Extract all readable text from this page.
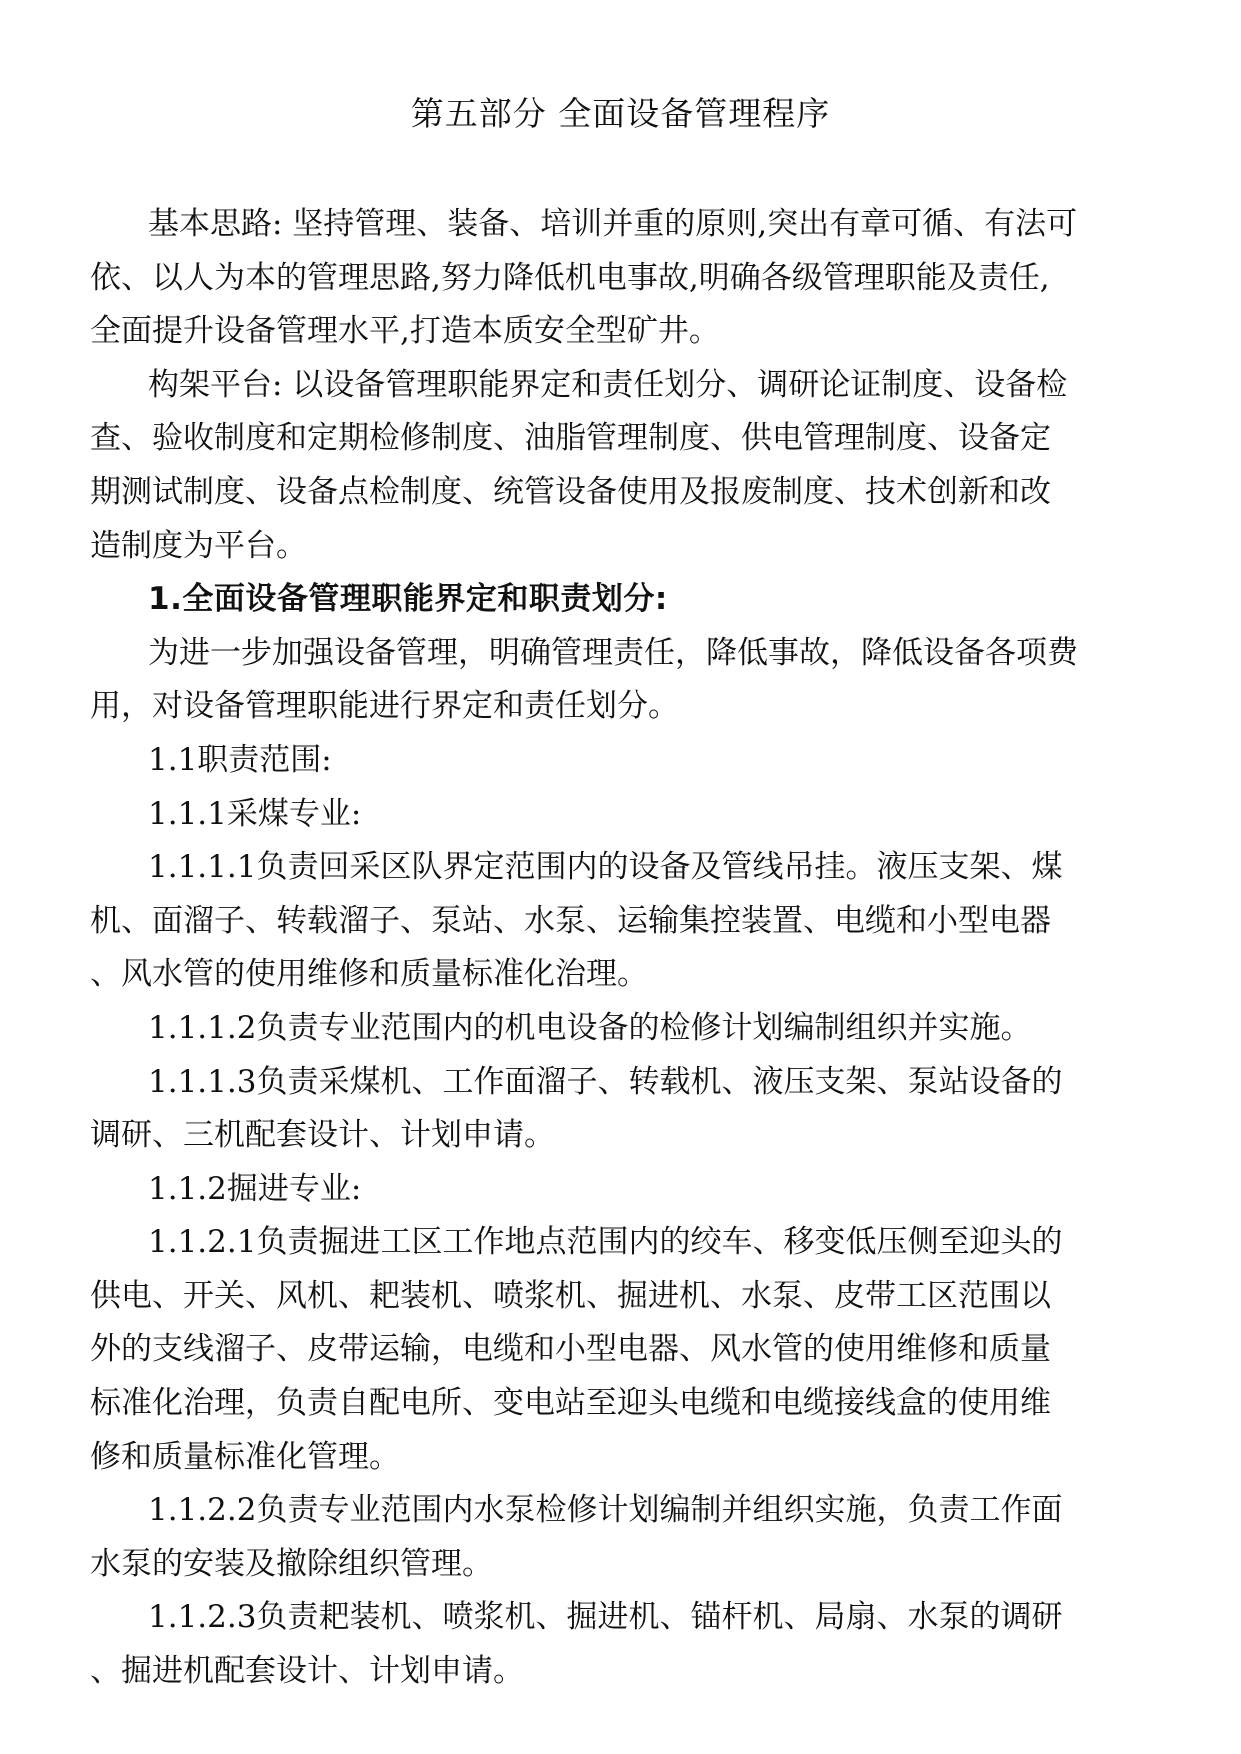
第五部分 全面设备管理程序

基本思路: 坚持管理、装备、培训并重的原则,突出有章可循、有法可

依、以人为本的管理思路,努力降低机电事故,明确各级管理职能及责任,

全面提升设备管理水平,打造本质安全型矿井。

构架平台: 以设备管理职能界定和责任划分、调研论证制度、设备检

查、验收制度和定期检修制度、油脂管理制度、供电管理制度、设备定

期测试制度、设备点检制度、统管设备使用及报废制度、技术创新和改

造制度为平台。

1.全面设备管理职能界定和职责划分:

为进一步加强设备管理，明确管理责任，降低事故，降低设备各项费

用，对设备管理职能进行界定和责任划分。

1.1职责范围:

1.1.1采煤专业:

1.1.1.1负责回采区队界定范围内的设备及管线吊挂。液压支架、煤

机、面溜子、转载溜子、泵站、水泵、运输集控装置、电缆和小型电器

、风水管的使用维修和质量标准化治理。

1.1.1.2负责专业范围内的机电设备的检修计划编制组织并实施。

1.1.1.3负责采煤机、工作面溜子、转载机、液压支架、泵站设备的

调研、三机配套设计、计划申请。

1.1.2掘进专业:

1.1.2.1负责掘进工区工作地点范围内的绞车、移变低压侧至迎头的

供电、开关、风机、耙装机、喷浆机、掘进机、水泵、皮带工区范围以

外的支线溜子、皮带运输，电缆和小型电器、风水管的使用维修和质量

标准化治理，负责自配电所、变电站至迎头电缆和电缆接线盒的使用维

修和质量标准化管理。

1.1.2.2负责专业范围内水泵检修计划编制并组织实施，负责工作面

水泵的安装及撤除组织管理。

1.1.2.3负责耙装机、喷浆机、掘进机、锚杆机、局扇、水泵的调研

、掘进机配套设计、计划申请。
